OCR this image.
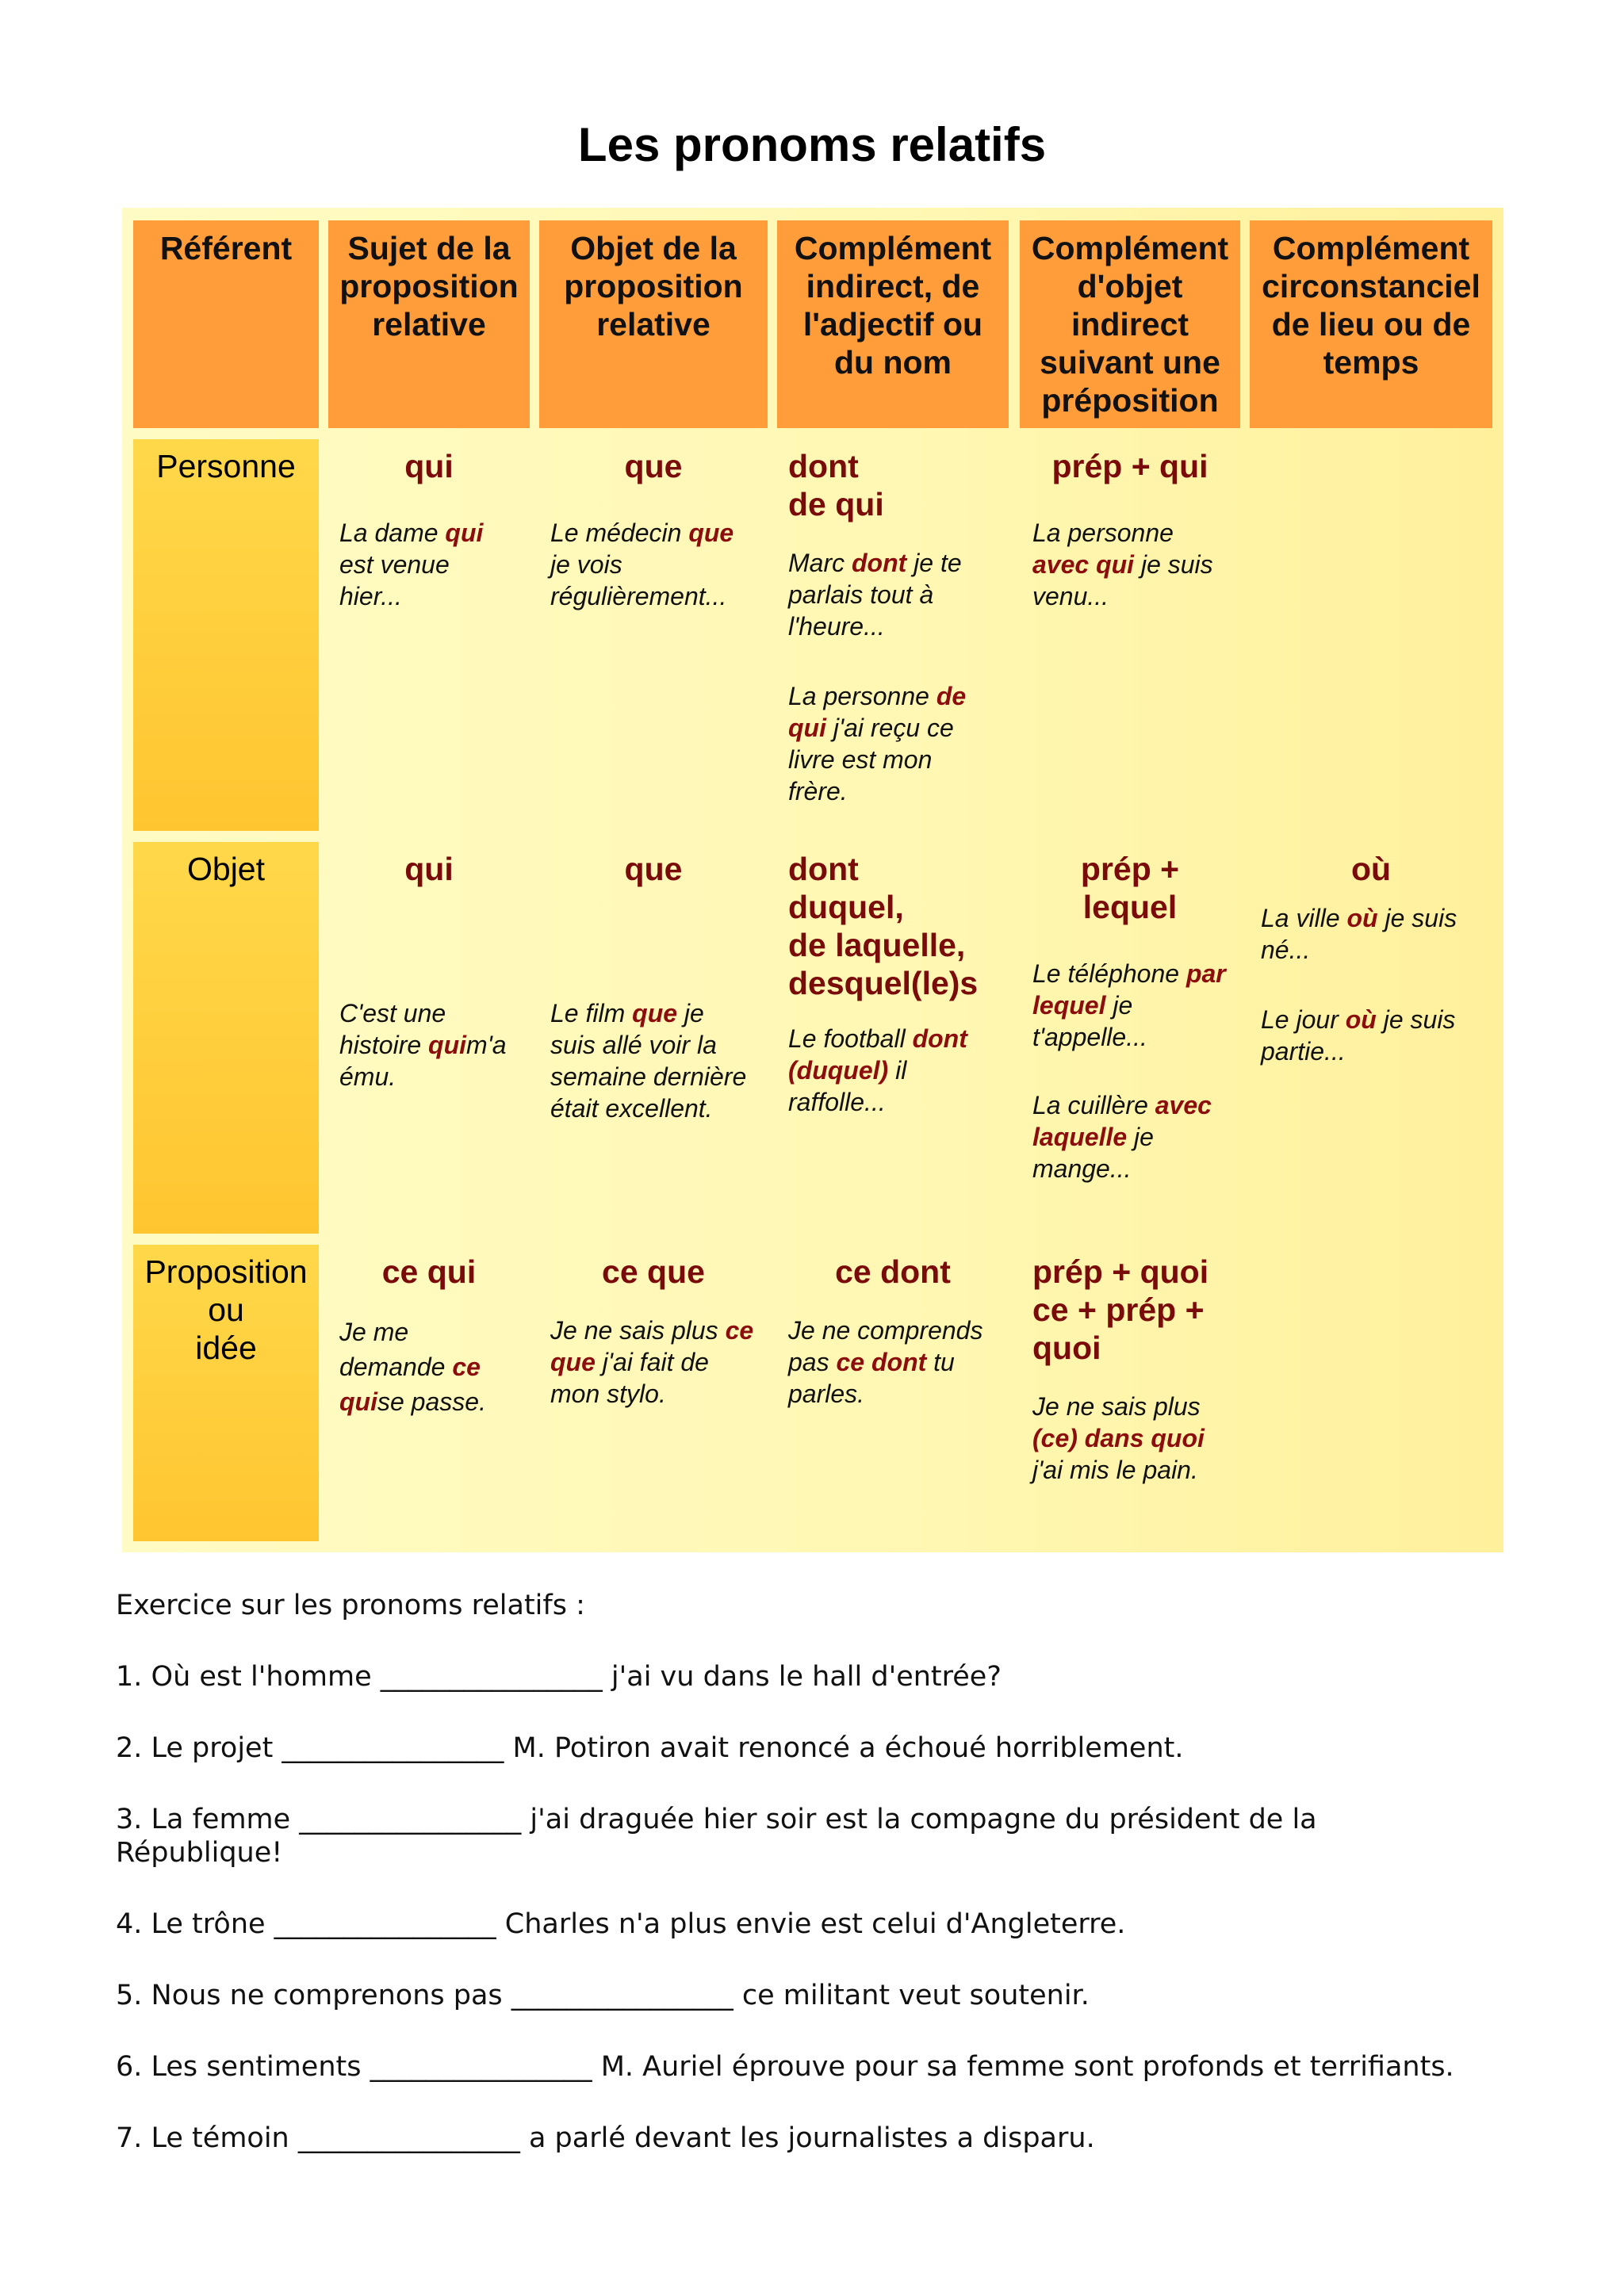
Les pronoms relatifs
Référent	Sujet de la
proposition
relative
Objet de la
proposition
relative
Complément
indirect, de
l'adjectif ou
du nom
Complément
d'objet
indirect
suivant une
préposition
Complément
circonstanciel
de lieu ou de
temps
Personne
Objet
Proposition
ou
idée
qui
La dame qui est venue hier...
que
Le médecin que je vois régulièrement...
dont
de qui
Marc dont je te parlais tout à l'heure...
La personne de qui j'ai reçu ce livre est mon frère.
prép + qui
La personne avec qui je suis venu...
qui
C'est une histoire quim'a ému.
que
Le film que je suis allé voir la semaine dernière était excellent.
dont
duquel,
de laquelle,
desquel(le)s
Le football dont (duquel) il raffolle...
prép +
lequel
Le téléphone par lequel je t'appelle...
La cuillère avec laquelle je mange...
où
La ville où je suis né...
Le jour où je suis partie...
ce qui
Je me demande ce quise passe.
ce que
Je ne sais plus ce que j'ai fait de mon stylo.
ce dont
Je ne comprends pas ce dont tu parles.
prép + quoi
ce + prép +
quoi
Je ne sais plus (ce) dans quoi j'ai mis le pain.
Exercice sur les pronoms relatifs :
1. Où est l'homme ________________ j'ai vu dans le hall d'entrée?
2. Le projet ________________ M. Potiron avait renoncé a échoué horriblement.
3. La femme ________________ j'ai draguée hier soir est la compagne du président de la
République!
4. Le trône ________________ Charles n'a plus envie est celui d'Angleterre.
5. Nous ne comprenons pas ________________ ce militant veut soutenir.
6. Les sentiments ________________ M. Auriel éprouve pour sa femme sont profonds et terrifiants.
7. Le témoin ________________ a parlé devant les journalistes a disparu.
